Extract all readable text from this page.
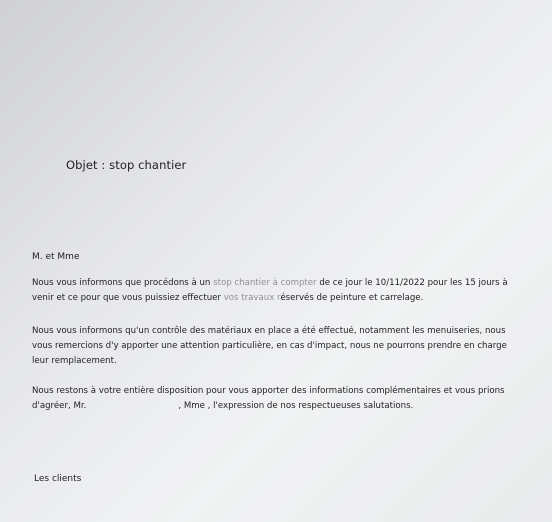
Objet : stop chantier
M. et Mme
Nous vous informons que procédons à un stop chantier à compter de ce jour le 10/11/2022 pour les 15 jours à venir et ce pour que vous puissiez effectuer vos travaux réservés de peinture et carrelage.
Nous vous informons qu'un contrôle des matériaux en place a été effectué, notamment les menuiseries, nous vous remercions d'y apporter une attention particulière, en cas d'impact, nous ne pourrons prendre en charge leur remplacement.
Nous restons à votre entière disposition pour vous apporter des informations complémentaires et vous prions d'agréer, Mr.	, Mme , l'expression de nos respectueuses salutations.
Les clients
